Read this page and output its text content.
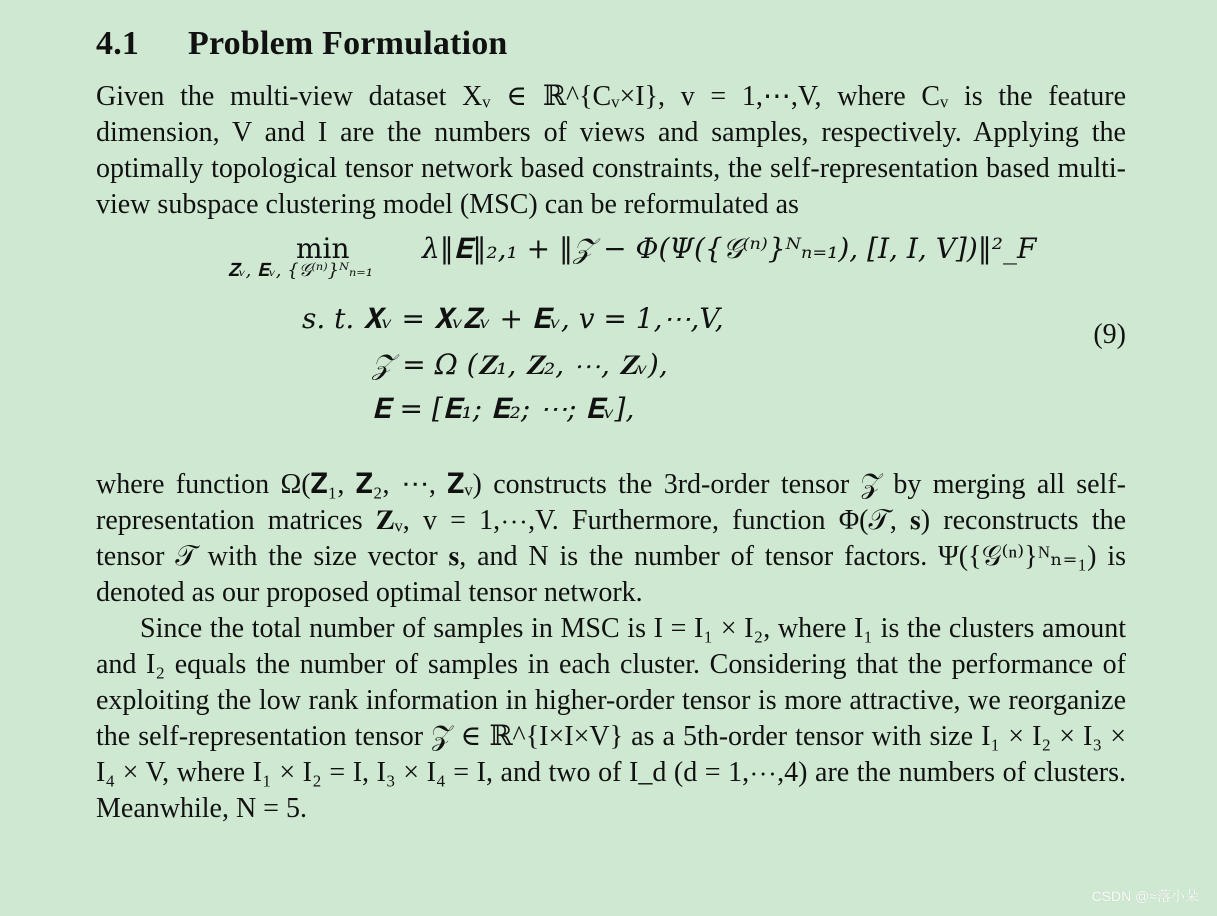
4.1 Problem Formulation

Given the multi-view dataset Xᵥ ∈ ℝ^{Cᵥ×I}, v = 1,⋯,V, where Cᵥ is the feature dimension, V and I are the numbers of views and samples, respectively. Applying the optimally topological tensor network based constraints, the self-representation based multi-view subspace clustering model (MSC) can be reformulated as

min
𝐙ᵥ, 𝐄ᵥ, {𝒢⁽ⁿ⁾}ᴺₙ₌₁
λ‖𝐄‖₂,₁ + ‖𝒵 − Φ(Ψ({𝒢⁽ⁿ⁾}ᴺₙ₌₁), [I, I, V])‖²_F
s. t. 𝐗ᵥ = 𝐗ᵥ𝐙ᵥ + 𝐄ᵥ, v = 1,⋯,V,
𝒵 = Ω (𝐙₁, 𝐙₂, ⋯, 𝐙ᵥ),
𝐄 = [𝐄₁; 𝐄₂; ⋯; 𝐄ᵥ],
(9)

where function Ω(𝐙₁, 𝐙₂, ⋯, 𝐙ᵥ) constructs the 3rd-order tensor 𝒵 by merging all self-representation matrices 𝐙ᵥ, v = 1,⋯,V. Furthermore, function Φ(𝒯, 𝐬) reconstructs the tensor 𝒯 with the size vector 𝐬, and N is the number of tensor factors. Ψ({𝒢⁽ⁿ⁾}ᴺₙ₌₁) is denoted as our proposed optimal tensor network.

Since the total number of samples in MSC is I = I₁ × I₂, where I₁ is the clusters amount and I₂ equals the number of samples in each cluster. Considering that the performance of exploiting the low rank information in higher-order tensor is more attractive, we reorganize the self-representation tensor 𝒵 ∈ ℝ^{I×I×V} as a 5th-order tensor with size I₁ × I₂ × I₃ × I₄ × V, where I₁ × I₂ = I, I₃ × I₄ = I, and two of I_d (d = 1,⋯,4) are the numbers of clusters. Meanwhile, N = 5.

CSDN @≈落小朵
